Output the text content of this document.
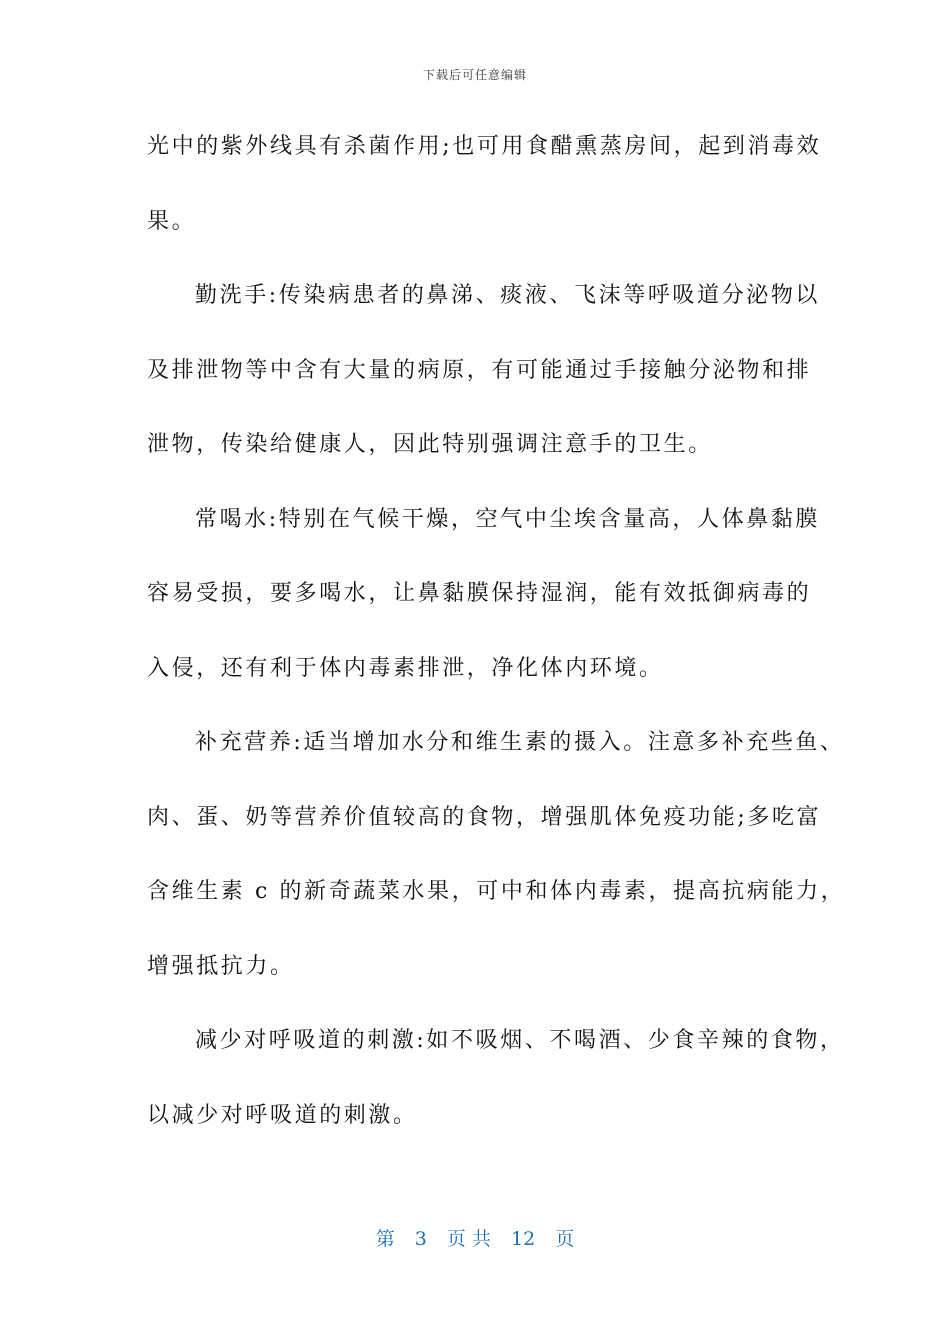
下载后可任意编辑
光中的紫外线具有杀菌作用;也可用食醋熏蒸房间，起到消毒效
果。
勤洗手:传染病患者的鼻涕、痰液、飞沫等呼吸道分泌物以
及排泄物等中含有大量的病原，有可能通过手接触分泌物和排
泄物，传染给健康人，因此特别强调注意手的卫生。
常喝水:特别在气候干燥，空气中尘埃含量高，人体鼻黏膜
容易受损，要多喝水，让鼻黏膜保持湿润，能有效抵御病毒的
入侵，还有利于体内毒素排泄，净化体内环境。
补充营养:适当增加水分和维生素的摄入。注意多补充些鱼、
肉、蛋、奶等营养价值较高的食物，增强肌体免疫功能;多吃富
含维生素 c 的新奇蔬菜水果，可中和体内毒素，提高抗病能力，
增强抵抗力。
减少对呼吸道的刺激:如不吸烟、不喝酒、少食辛辣的食物，
以减少对呼吸道的刺激。
第 3 页 共 12 页
